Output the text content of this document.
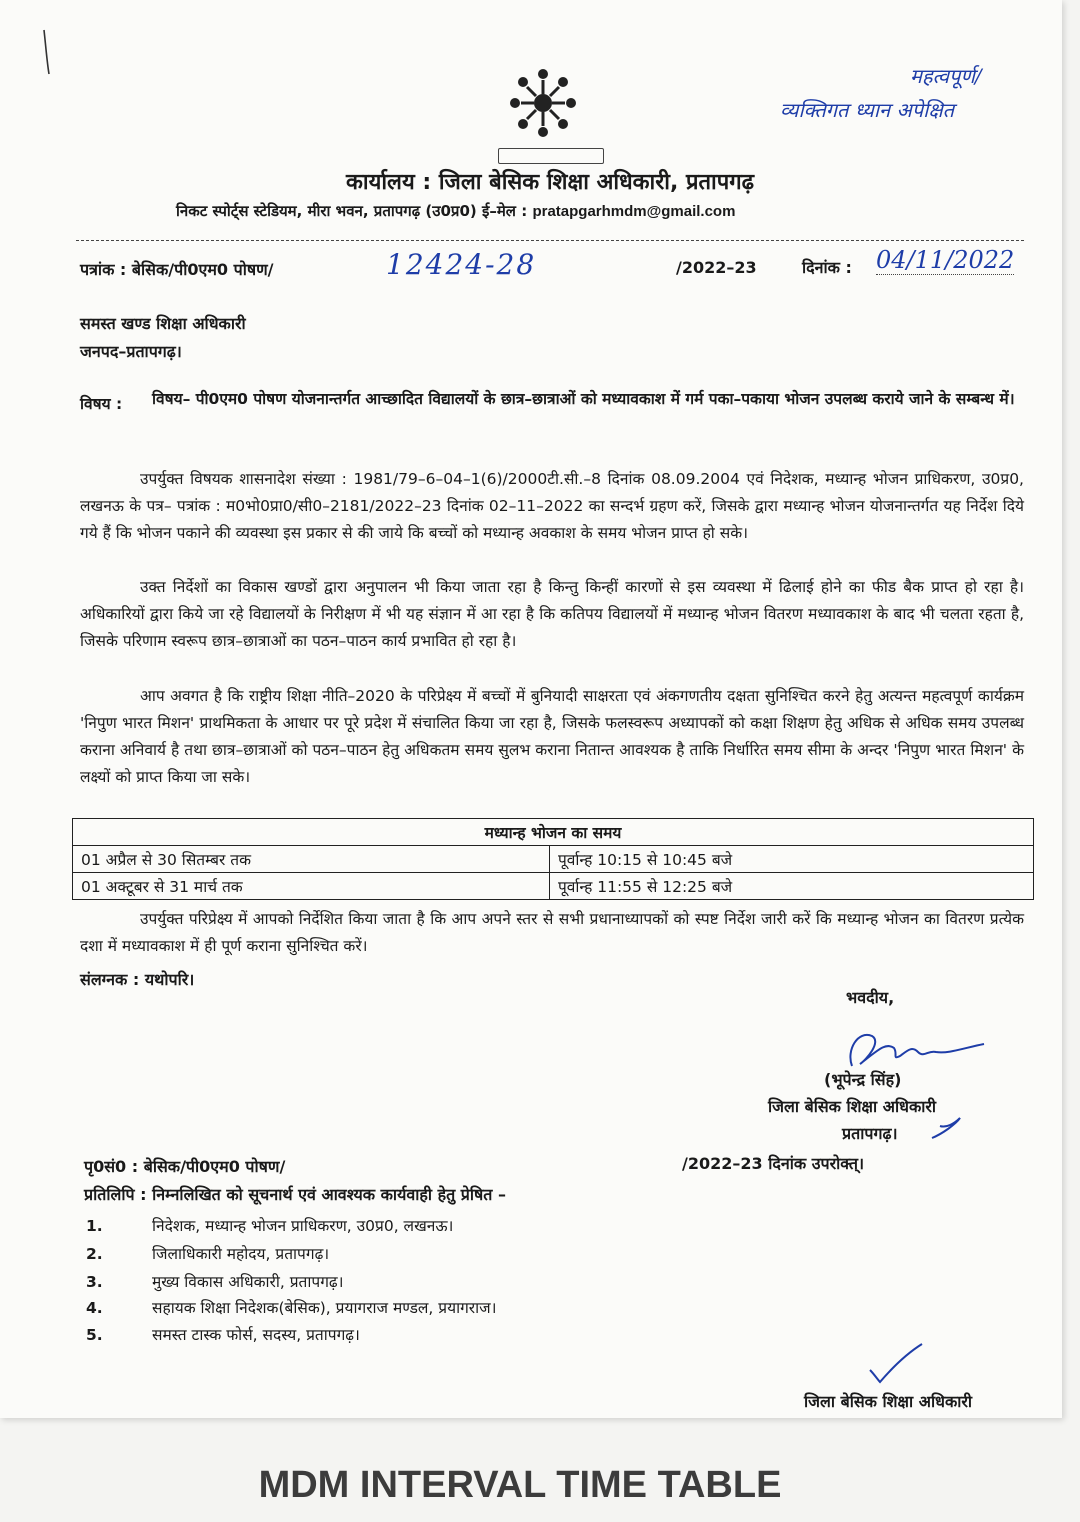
महत्वपूर्ण/
व्यक्तिगत ध्यान अपेक्षित
कार्यालय : जिला बेसिक शिक्षा अधिकारी, प्रतापगढ़
निकट स्पोर्ट्स स्टेडियम, मीरा भवन, प्रतापगढ़ (उ0प्र0) ई–मेल : pratapgarhmdm@gmail.com
पत्रांक : बेसिक/पी0एम0 पोषण/	12424-28	/2022–23	दिनांक : 04/11/2022
समस्त खण्ड शिक्षा अधिकारी
जनपद–प्रतापगढ़।
विषय : विषय– पी0एम0 पोषण योजनान्तर्गत आच्छादित विद्यालयों के छात्र–छात्राओं को मध्यावकाश में गर्म पका–पकाया भोजन उपलब्ध कराये जाने के सम्बन्ध में।
उपर्युक्त विषयक शासनादेश संख्या : 1981/79–6–04–1(6)/2000टी.सी.–8 दिनांक 08.09.2004 एवं निदेशक, मध्यान्ह भोजन प्राधिकरण, उ0प्र0, लखनऊ के पत्र– पत्रांक : म0भो0प्रा0/सी0–2181/2022–23 दिनांक 02–11–2022 का सन्दर्भ ग्रहण करें, जिसके द्वारा मध्यान्ह भोजन योजनान्तर्गत यह निर्देश दिये गये हैं कि भोजन पकाने की व्यवस्था इस प्रकार से की जाये कि बच्चों को मध्यान्ह अवकाश के समय भोजन प्राप्त हो सके।
उक्त निर्देशों का विकास खण्डों द्वारा अनुपालन भी किया जाता रहा है किन्तु किन्हीं कारणों से इस व्यवस्था में ढिलाई होने का फीड बैक प्राप्त हो रहा है। अधिकारियों द्वारा किये जा रहे विद्यालयों के निरीक्षण में भी यह संज्ञान में आ रहा है कि कतिपय विद्यालयों में मध्यान्ह भोजन वितरण मध्यावकाश के बाद भी चलता रहता है, जिसके परिणाम स्वरूप छात्र–छात्राओं का पठन–पाठन कार्य प्रभावित हो रहा है।
आप अवगत है कि राष्ट्रीय शिक्षा नीति–2020 के परिप्रेक्ष्य में बच्चों में बुनियादी साक्षरता एवं अंकगणतीय दक्षता सुनिश्चित करने हेतु अत्यन्त महत्वपूर्ण कार्यक्रम 'निपुण भारत मिशन' प्राथमिकता के आधार पर पूरे प्रदेश में संचालित किया जा रहा है, जिसके फलस्वरूप अध्यापकों को कक्षा शिक्षण हेतु अधिक से अधिक समय उपलब्ध कराना अनिवार्य है तथा छात्र–छात्राओं को पठन–पाठन हेतु अधिकतम समय सुलभ कराना नितान्त आवश्यक है ताकि निर्धारित समय सीमा के अन्दर 'निपुण भारत मिशन' के लक्ष्यों को प्राप्त किया जा सके।
मध्यान्ह भोजन का समय	
01 अप्रैल से 30 सितम्बर तक	पूर्वान्ह 10:15 से 10:45 बजे
01 अक्टूबर से 31 मार्च तक	पूर्वान्ह 11:55 से 12:25 बजे
उपर्युक्त परिप्रेक्ष्य में आपको निर्देशित किया जाता है कि आप अपने स्तर से सभी प्रधानाध्यापकों को स्पष्ट निर्देश जारी करें कि मध्यान्ह भोजन का वितरण प्रत्येक दशा में मध्यावकाश में ही पूर्ण कराना सुनिश्चित करें।
संलग्नक : यथोपरि।
भवदीय,
(भूपेन्द्र सिंह)
जिला बेसिक शिक्षा अधिकारी
प्रतापगढ़।
पृ0सं0 : बेसिक/पी0एम0 पोषण/	/2022–23 दिनांक उपरोक्त्।
प्रतिलिपि : निम्नलिखित को सूचनार्थ एवं आवश्यक कार्यवाही हेतु प्रेषित –
1.	निदेशक, मध्यान्ह भोजन प्राधिकरण, उ0प्र0, लखनऊ।
2.	जिलाधिकारी महोदय, प्रतापगढ़।
3.	मुख्य विकास अधिकारी, प्रतापगढ़।
4.	सहायक शिक्षा निदेशक(बेसिक), प्रयागराज मण्डल, प्रयागराज।
5.	समस्त टास्क फोर्स, सदस्य, प्रतापगढ़।
जिला बेसिक शिक्षा अधिकारी
MDM INTERVAL TIME TABLE
